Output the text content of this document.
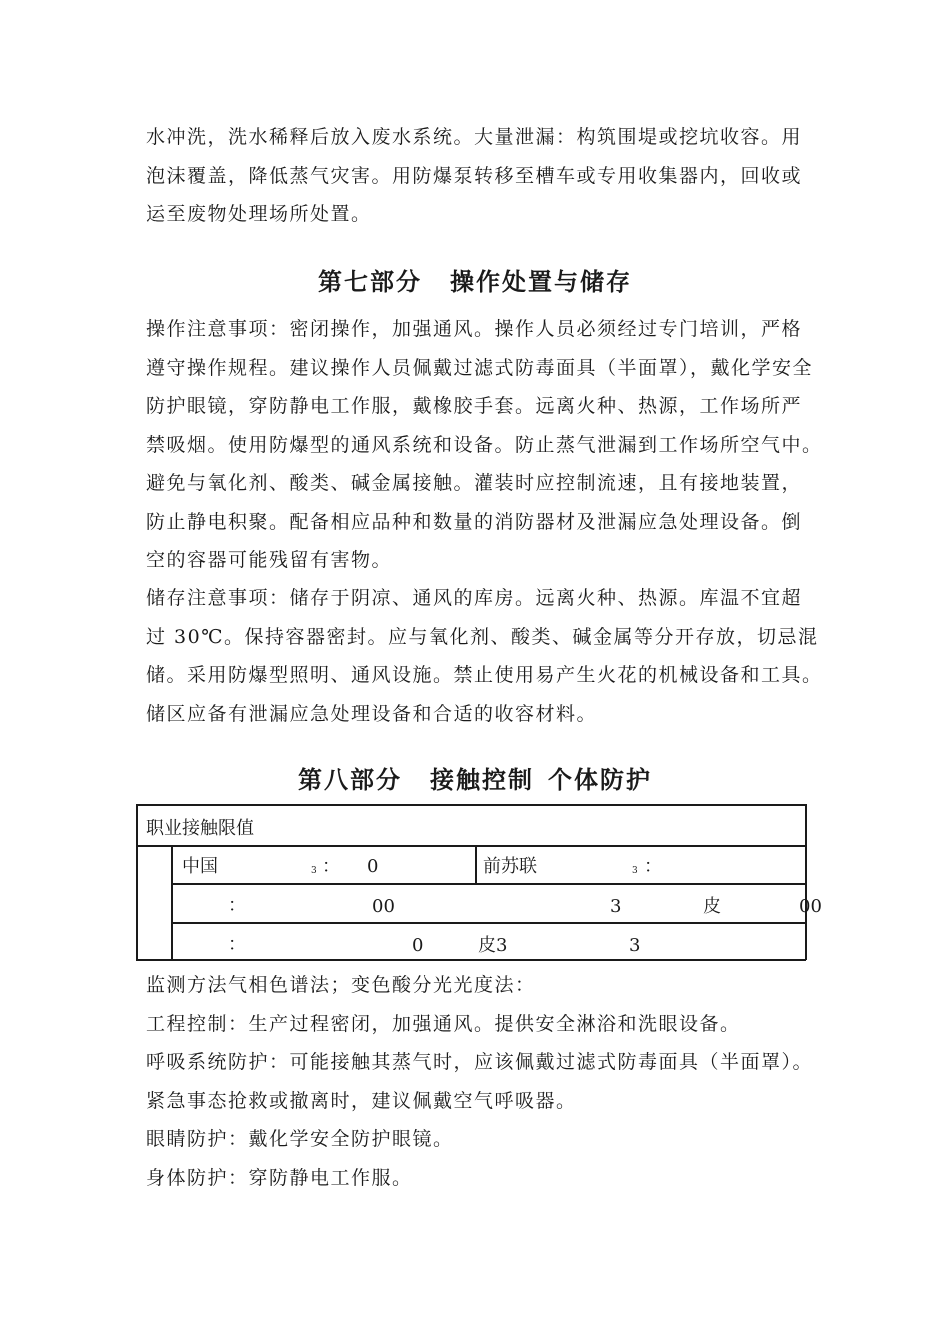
水冲洗，洗水稀释后放入废水系统。大量泄漏：构筑围堤或挖坑收容。用
泡沫覆盖，降低蒸气灾害。用防爆泵转移至槽车或专用收集器内，回收或
运至废物处理场所处置。
第七部分 操作处置与储存
操作注意事项：密闭操作，加强通风。操作人员必须经过专门培训，严格
遵守操作规程。建议操作人员佩戴过滤式防毒面具（半面罩），戴化学安全
防护眼镜，穿防静电工作服，戴橡胶手套。远离火种、热源，工作场所严
禁吸烟。使用防爆型的通风系统和设备。防止蒸气泄漏到工作场所空气中。
避免与氧化剂、酸类、碱金属接触。灌装时应控制流速，且有接地装置，
防止静电积聚。配备相应品种和数量的消防器材及泄漏应急处理设备。倒
空的容器可能残留有害物。
储存注意事项：储存于阴凉、通风的库房。远离火种、热源。库温不宜超
过 30℃。保持容器密封。应与氧化剂、酸类、碱金属等分开存放，切忌混
储。采用防爆型照明、通风设施。禁止使用易产生火花的机械设备和工具。
储区应备有泄漏应急处理设备和合适的收容材料。
第八部分 接触控制 个体防护
职业接触限值
中国	3 ： 0	前苏联	3 ：
：	00	3	皮	00
：	0	皮3	3
监测方法气相色谱法；变色酸分光光度法：
工程控制：生产过程密闭，加强通风。提供安全淋浴和洗眼设备。
呼吸系统防护：可能接触其蒸气时，应该佩戴过滤式防毒面具（半面罩）。
紧急事态抢救或撤离时，建议佩戴空气呼吸器。
眼睛防护：戴化学安全防护眼镜。
身体防护：穿防静电工作服。
